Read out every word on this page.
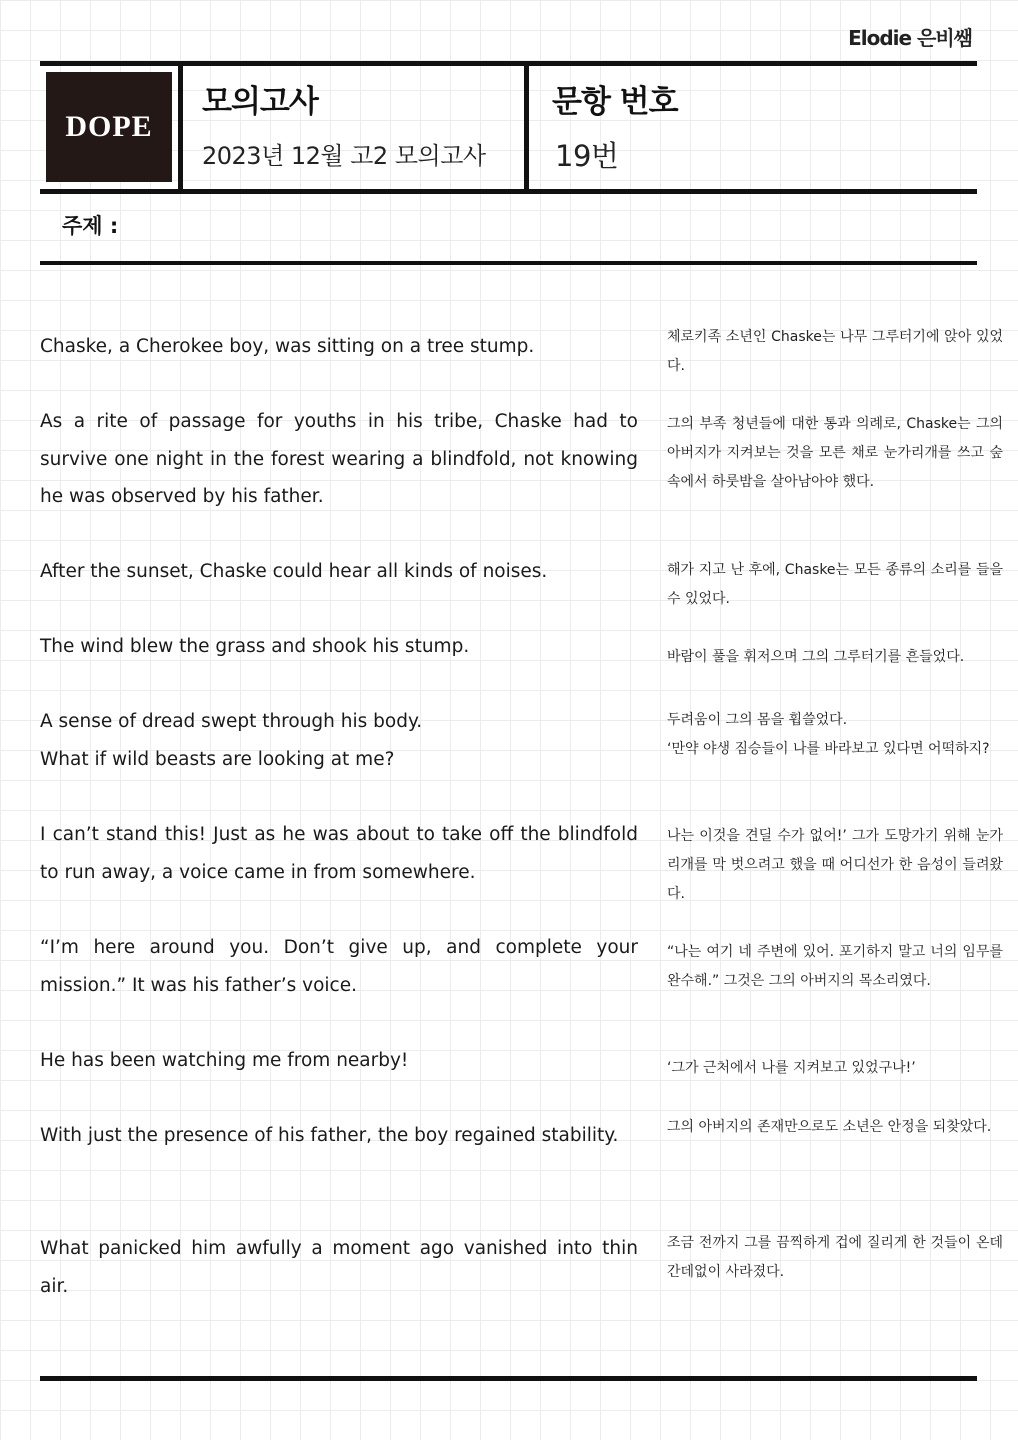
Elodie 은비쌤
DOPE
모의고사
2023년 12월 고2 모의고사
문항 번호
19번
주제 :
Chaske, a Cherokee boy, was sitting on a tree stump.
As a rite of passage for youths in his tribe, Chaske had to survive one night in the forest wearing a blindfold, not knowing he was observed by his father.
After the sunset, Chaske could hear all kinds of noises.
The wind blew the grass and shook his stump.
A sense of dread swept through his body.
What if wild beasts are looking at me?
I can’t stand this! Just as he was about to take off the blindfold to run away, a voice came in from somewhere.
“I’m here around you. Don’t give up, and complete your mission.” It was his father’s voice.
He has been watching me from nearby!
With just the presence of his father, the boy regained stability.
What panicked him awfully a moment ago vanished into thin air.
체로키족 소년인 Chaske는 나무 그루터기에 앉아 있었다.
그의 부족 청년들에 대한 통과 의례로, Chaske는 그의 아버지가 지켜보는 것을 모른 채로 눈가리개를 쓰고 숲속에서 하룻밤을 살아남아야 했다.
해가 지고 난 후에, Chaske는 모든 종류의 소리를 들을 수 있었다.
바람이 풀을 휘저으며 그의 그루터기를 흔들었다.
두려움이 그의 몸을 휩쓸었다.
‘만약 야생 짐승들이 나를 바라보고 있다면 어떡하지?
나는 이것을 견딜 수가 없어!’ 그가 도망가기 위해 눈가리개를 막 벗으려고 했을 때 어디선가 한 음성이 들려왔다.
“나는 여기 네 주변에 있어. 포기하지 말고 너의 임무를 완수해.” 그것은 그의 아버지의 목소리였다.
‘그가 근처에서 나를 지켜보고 있었구나!’
그의 아버지의 존재만으로도 소년은 안정을 되찾았다.
조금 전까지 그를 끔찍하게 겁에 질리게 한 것들이 온데간데없이 사라졌다.
